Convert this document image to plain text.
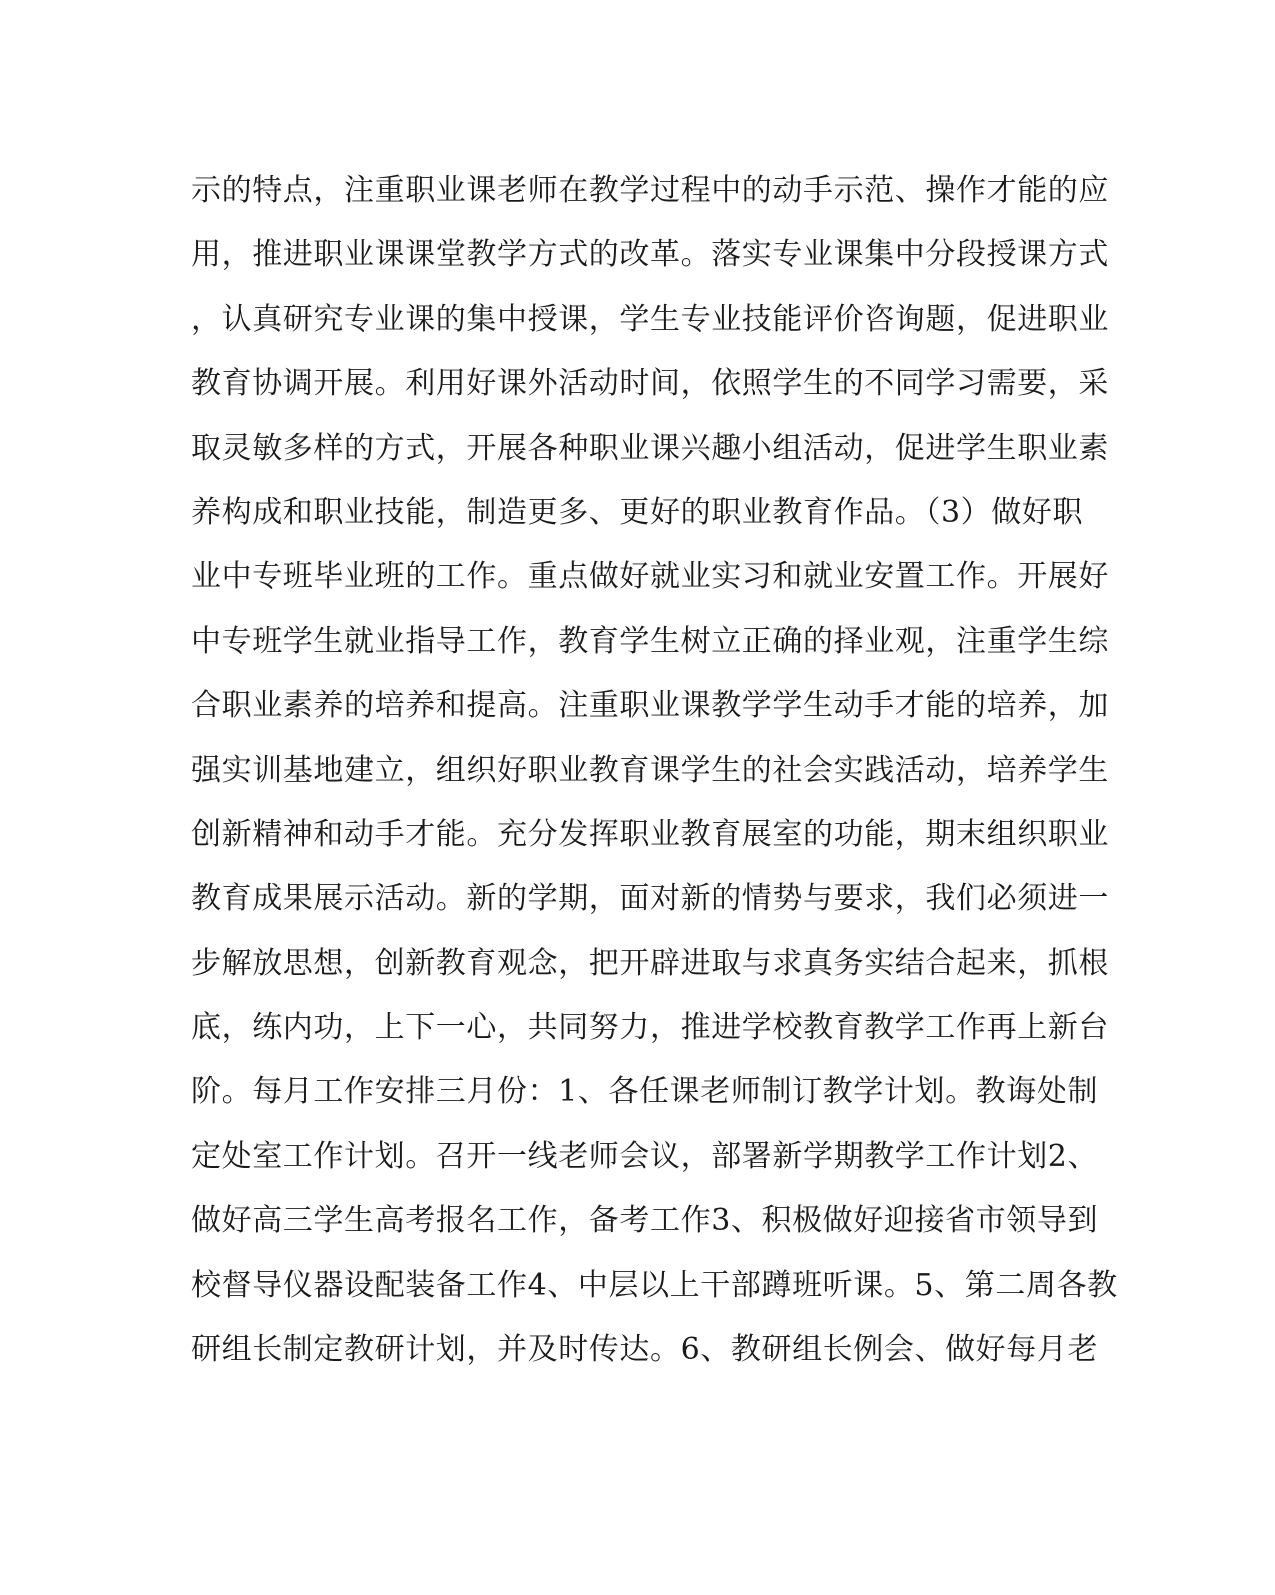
示的特点，注重职业课老师在教学过程中的动手示范、操作才能的应
用，推进职业课课堂教学方式的改革。落实专业课集中分段授课方式
，认真研究专业课的集中授课，学生专业技能评价咨询题，促进职业
教育协调开展。利用好课外活动时间，依照学生的不同学习需要，采
取灵敏多样的方式，开展各种职业课兴趣小组活动，促进学生职业素
养构成和职业技能，制造更多、更好的职业教育作品。（3）做好职
业中专班毕业班的工作。重点做好就业实习和就业安置工作。开展好
中专班学生就业指导工作，教育学生树立正确的择业观，注重学生综
合职业素养的培养和提高。注重职业课教学学生动手才能的培养，加
强实训基地建立，组织好职业教育课学生的社会实践活动，培养学生
创新精神和动手才能。充分发挥职业教育展室的功能，期末组织职业
教育成果展示活动。新的学期，面对新的情势与要求，我们必须进一
步解放思想，创新教育观念，把开辟进取与求真务实结合起来，抓根
底，练内功，上下一心，共同努力，推进学校教育教学工作再上新台
阶。每月工作安排三月份：1、各任课老师制订教学计划。教诲处制
定处室工作计划。召开一线老师会议，部署新学期教学工作计划2、
做好高三学生高考报名工作，备考工作3、积极做好迎接省市领导到
校督导仪器设配装备工作4、中层以上干部蹲班听课。5、第二周各教
研组长制定教研计划，并及时传达。6、教研组长例会、做好每月老
